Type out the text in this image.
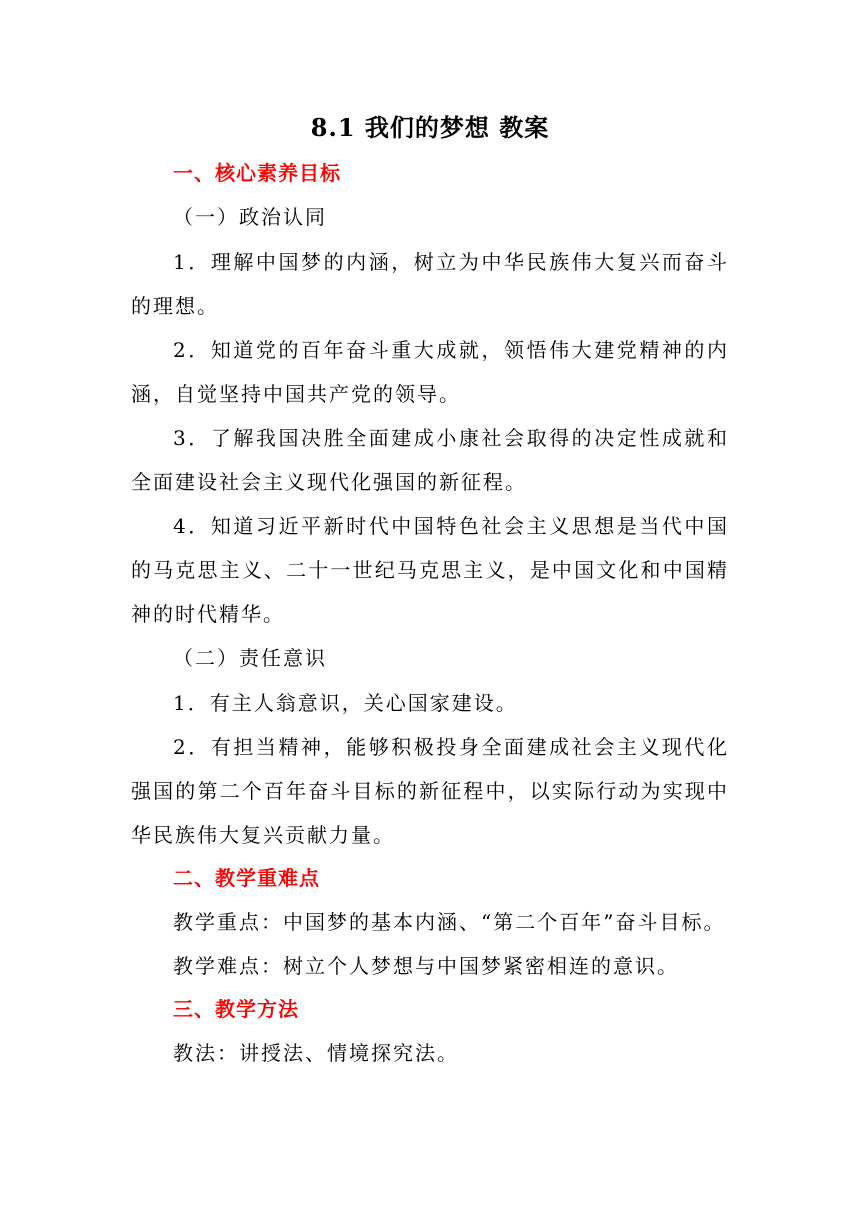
8.1 我们的梦想 教案

一、核心素养目标

（一）政治认同

1．理解中国梦的内涵，树立为中华民族伟大复兴而奋斗的理想。

2．知道党的百年奋斗重大成就，领悟伟大建党精神的内涵，自觉坚持中国共产党的领导。

3．了解我国决胜全面建成小康社会取得的决定性成就和全面建设社会主义现代化强国的新征程。

4．知道习近平新时代中国特色社会主义思想是当代中国的马克思主义、二十一世纪马克思主义，是中国文化和中国精神的时代精华。

（二）责任意识

1．有主人翁意识，关心国家建设。

2．有担当精神，能够积极投身全面建成社会主义现代化强国的第二个百年奋斗目标的新征程中，以实际行动为实现中华民族伟大复兴贡献力量。

二、教学重难点

教学重点：中国梦的基本内涵、“第二个百年”奋斗目标。

教学难点：树立个人梦想与中国梦紧密相连的意识。

三、教学方法

教法：讲授法、情境探究法。
